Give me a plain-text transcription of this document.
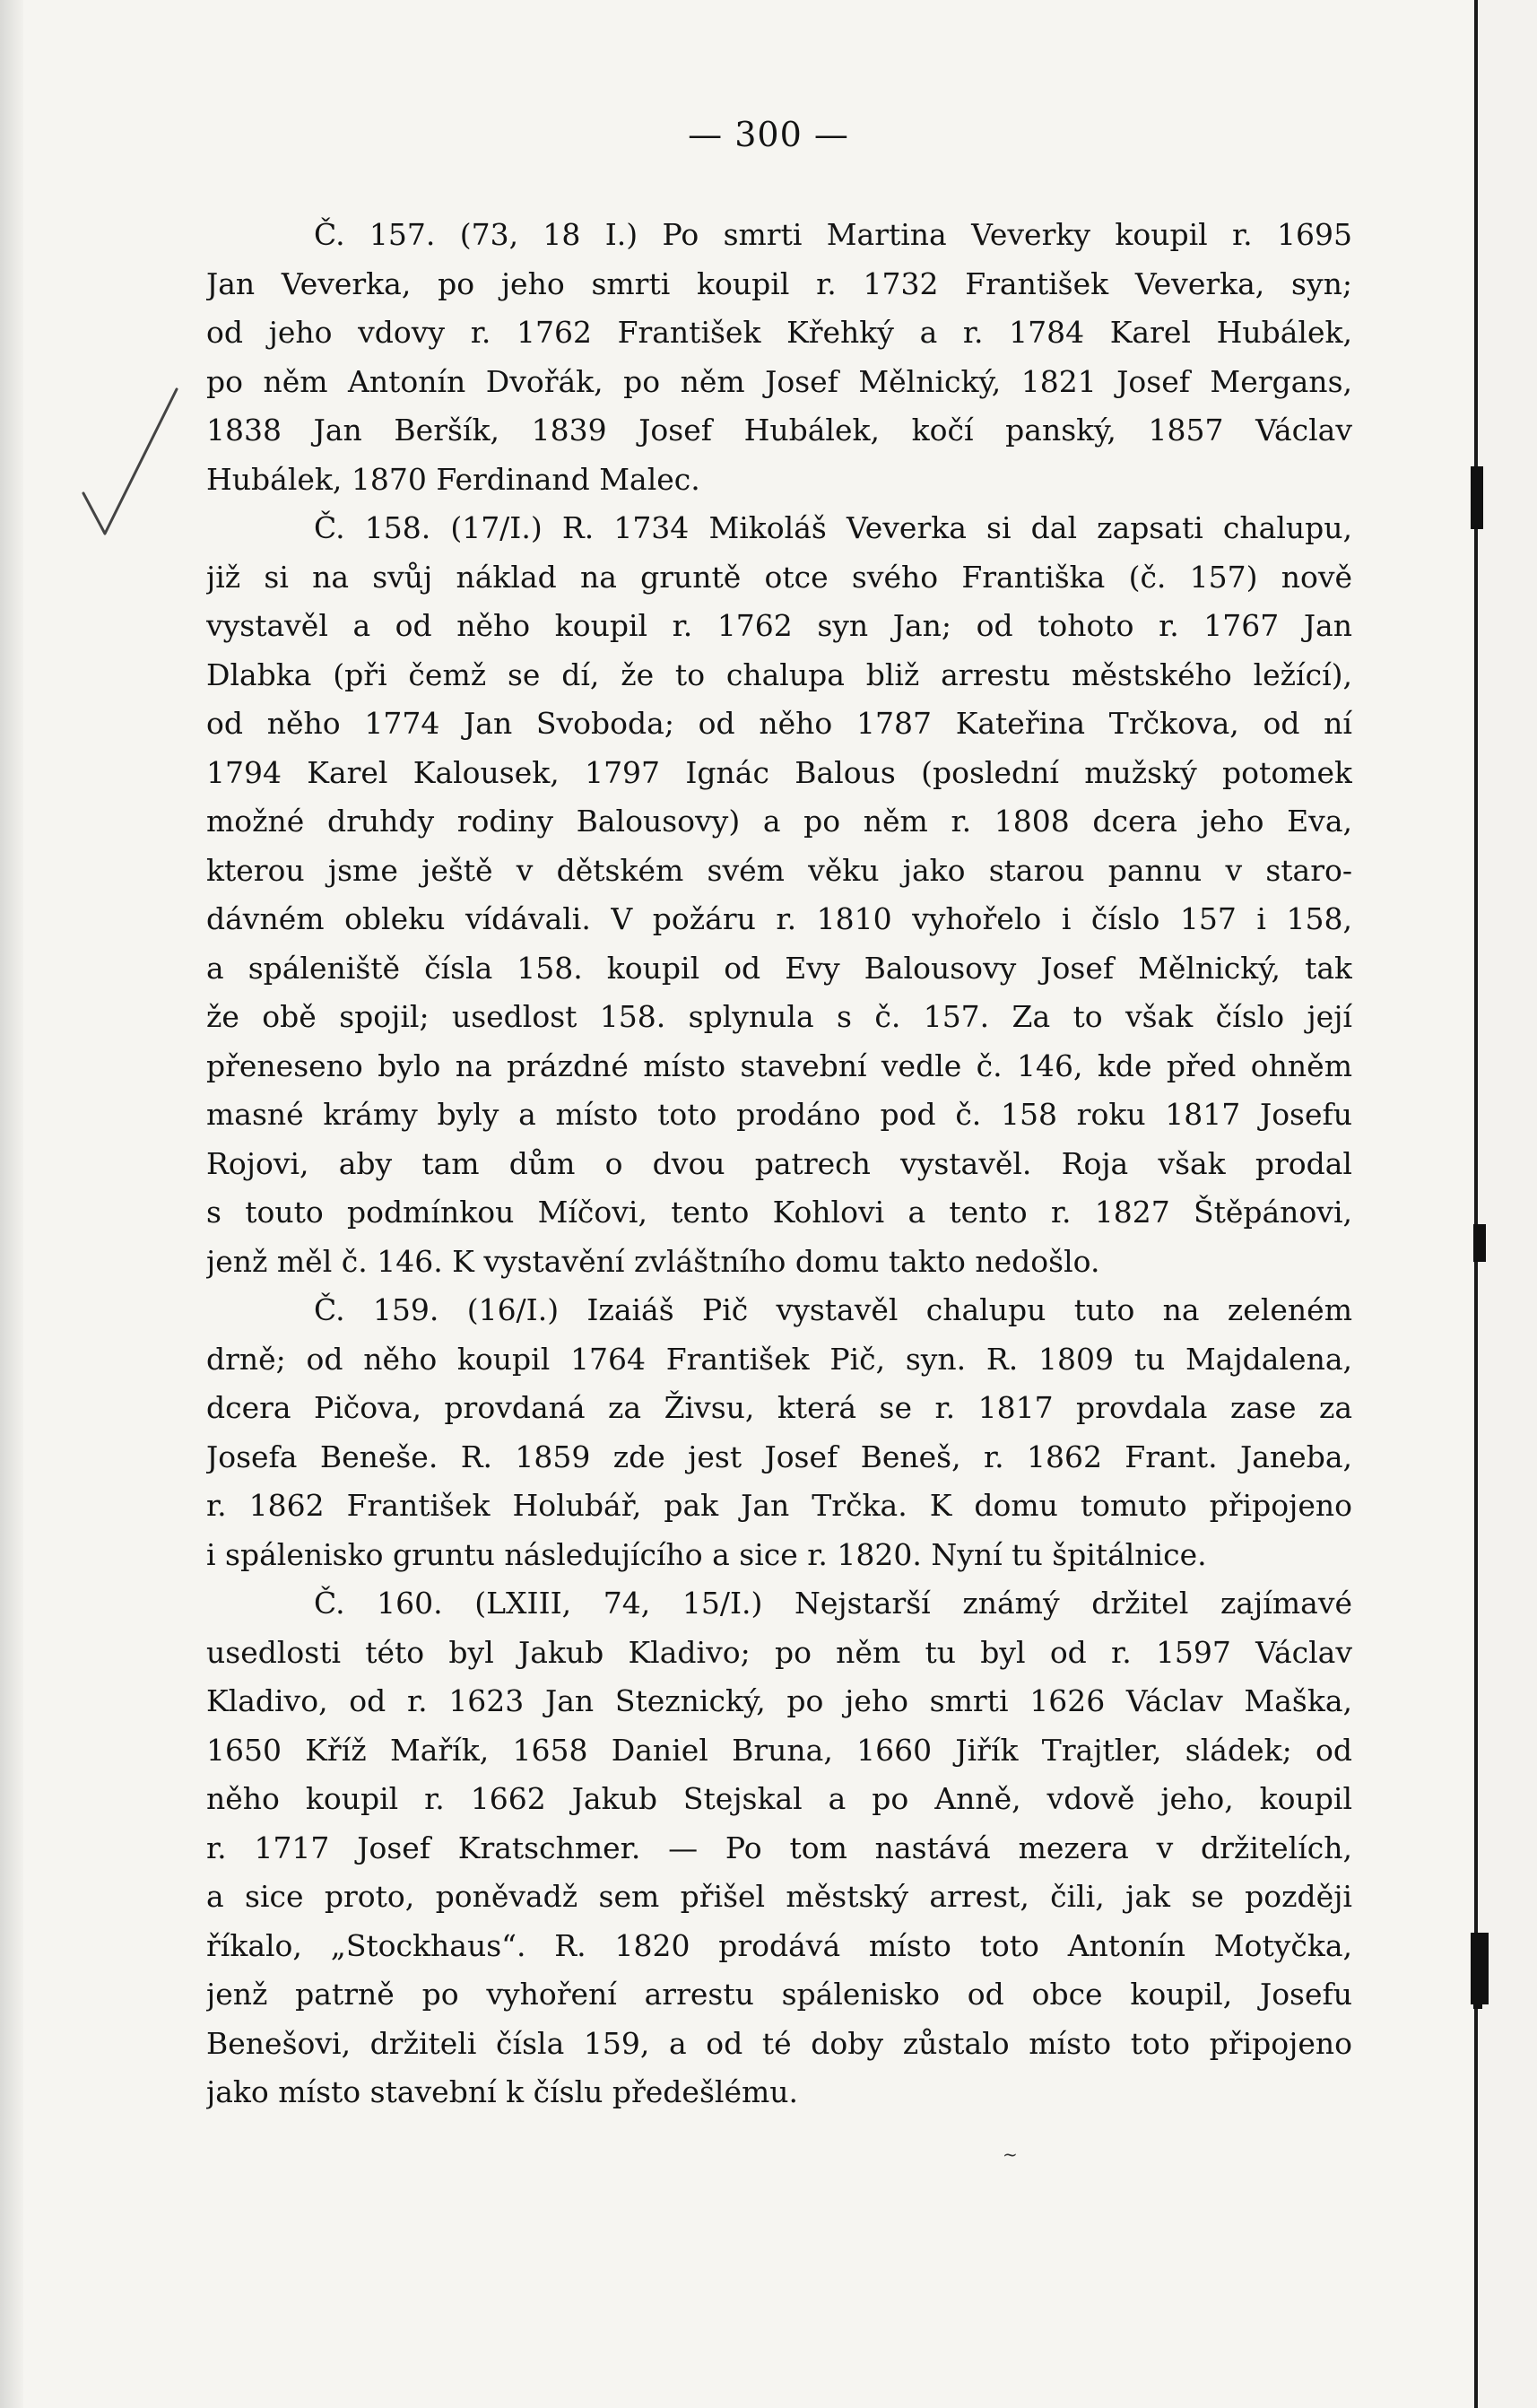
— 300 —
Č. 157. (73, 18 I.) Po smrti Martina Veverky koupil r. 1695
Jan Veverka, po jeho smrti koupil r. 1732 František Veverka, syn;
od jeho vdovy r. 1762 František Křehký a r. 1784 Karel Hubálek,
po něm Antonín Dvořák, po něm Josef Mělnický, 1821 Josef Mergans,
1838 Jan Beršík, 1839 Josef Hubálek, kočí panský, 1857 Václav
Hubálek, 1870 Ferdinand Malec.
Č. 158. (17/I.) R. 1734 Mikoláš Veverka si dal zapsati chalupu,
již si na svůj náklad na gruntě otce svého Františka (č. 157) nově
vystavěl a od něho koupil r. 1762 syn Jan; od tohoto r. 1767 Jan
Dlabka (při čemž se dí, že to chalupa bliž arrestu městského ležící),
od něho 1774 Jan Svoboda; od něho 1787 Kateřina Trčkova, od ní
1794 Karel Kalousek, 1797 Ignác Balous (poslední mužský potomek
možné druhdy rodiny Balousovy) a po něm r. 1808 dcera jeho Eva,
kterou jsme ještě v dětském svém věku jako starou pannu v staro-
dávném obleku vídávali. V požáru r. 1810 vyhořelo i číslo 157 i 158,
a spáleniště čísla 158. koupil od Evy Balousovy Josef Mělnický, tak
že obě spojil; usedlost 158. splynula s č. 157. Za to však číslo její
přeneseno bylo na prázdné místo stavební vedle č. 146, kde před ohněm
masné krámy byly a místo toto prodáno pod č. 158 roku 1817 Josefu
Rojovi, aby tam dům o dvou patrech vystavěl. Roja však prodal
s touto podmínkou Míčovi, tento Kohlovi a tento r. 1827 Štěpánovi,
jenž měl č. 146. K vystavění zvláštního domu takto nedošlo.
Č. 159. (16/I.) Izaiáš Pič vystavěl chalupu tuto na zeleném
drně; od něho koupil 1764 František Pič, syn. R. 1809 tu Majdalena,
dcera Pičova, provdaná za Živsu, která se r. 1817 provdala zase za
Josefa Beneše. R. 1859 zde jest Josef Beneš, r. 1862 Frant. Janeba,
r. 1862 František Holubář, pak Jan Trčka. K domu tomuto připojeno
i spálenisko gruntu následujícího a sice r. 1820. Nyní tu špitálnice.
Č. 160. (LXIII, 74, 15/I.) Nejstarší známý držitel zajímavé
usedlosti této byl Jakub Kladivo; po něm tu byl od r. 1597 Václav
Kladivo, od r. 1623 Jan Steznický, po jeho smrti 1626 Václav Maška,
1650 Kříž Mařík, 1658 Daniel Bruna, 1660 Jiřík Trajtler, sládek; od
něho koupil r. 1662 Jakub Stejskal a po Anně, vdově jeho, koupil
r. 1717 Josef Kratschmer. — Po tom nastává mezera v držitelích,
a sice proto, poněvadž sem přišel městský arrest, čili, jak se později
říkalo, „Stockhaus“. R. 1820 prodává místo toto Antonín Motyčka,
jenž patrně po vyhoření arrestu spálenisko od obce koupil, Josefu
Benešovi, držiteli čísla 159, a od té doby zůstalo místo toto připojeno
jako místo stavební k číslu předešlému.
~
